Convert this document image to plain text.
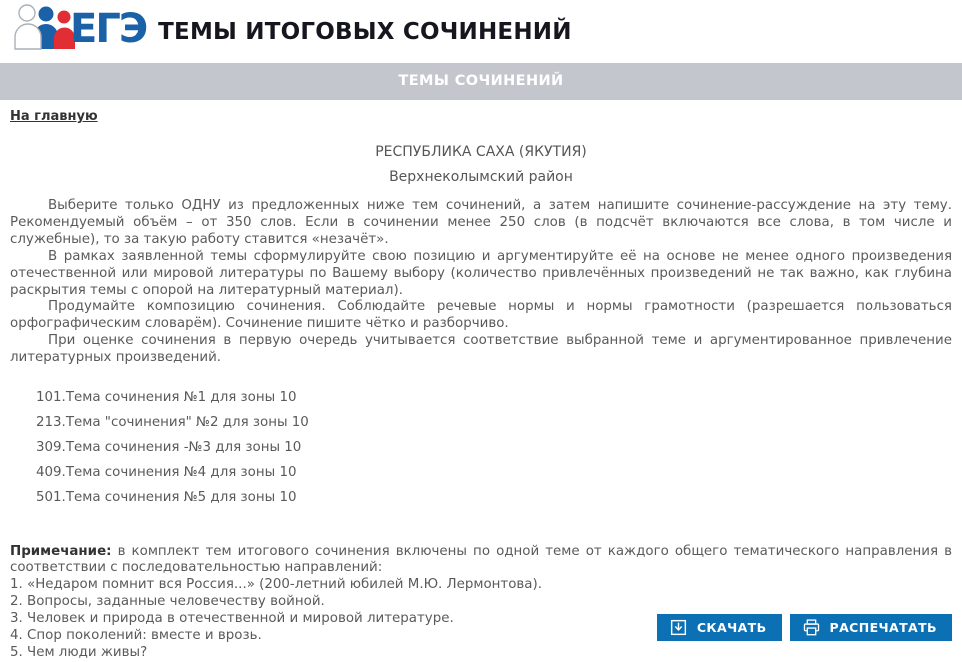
ЕГЭ ТЕМЫ ИТОГОВЫХ СОЧИНЕНИЙ
ТЕМЫ СОЧИНЕНИЙ
На главную
РЕСПУБЛИКА САХА (ЯКУТИЯ)
Верхнеколымский район

Выберите только ОДНУ из предложенных ниже тем сочинений, а затем напишите сочинение-рассуждение на эту тему. Рекомендуемый объём – от 350 слов. Если в сочинении менее 250 слов (в подсчёт включаются все слова, в том числе и служебные), то за такую работу ставится «незачёт».

В рамках заявленной темы сформулируйте свою позицию и аргументируйте её на основе не менее одного произведения отечественной или мировой литературы по Вашему выбору (количество привлечённых произведений не так важно, как глубина раскрытия темы с опорой на литературный материал).

Продумайте композицию сочинения. Соблюдайте речевые нормы и нормы грамотности (разрешается пользоваться орфографическим словарём). Сочинение пишите чётко и разборчиво.

При оценке сочинения в первую очередь учитывается соответствие выбранной теме и аргументированное привлечение литературных произведений.

101.Тема сочинения №1 для зоны 10
213.Тема "сочинения" №2 для зоны 10
309.Тема сочинения -№3 для зоны 10
409.Тема сочинения №4 для зоны 10
501.Тема сочинения №5 для зоны 10
Примечание: в комплект тем итогового сочинения включены по одной теме от каждого общего тематического направления в соответствии с последовательностью направлений:
1. «Недаром помнит вся Россия...» (200-летний юбилей М.Ю. Лермонтова).
2. Вопросы, заданные человечеству войной.
3. Человек и природа в отечественной и мировой литературе.
4. Спор поколений: вместе и врозь.
5. Чем люди живы?
СКАЧАТЬ	РАСПЕЧАТАТЬ
